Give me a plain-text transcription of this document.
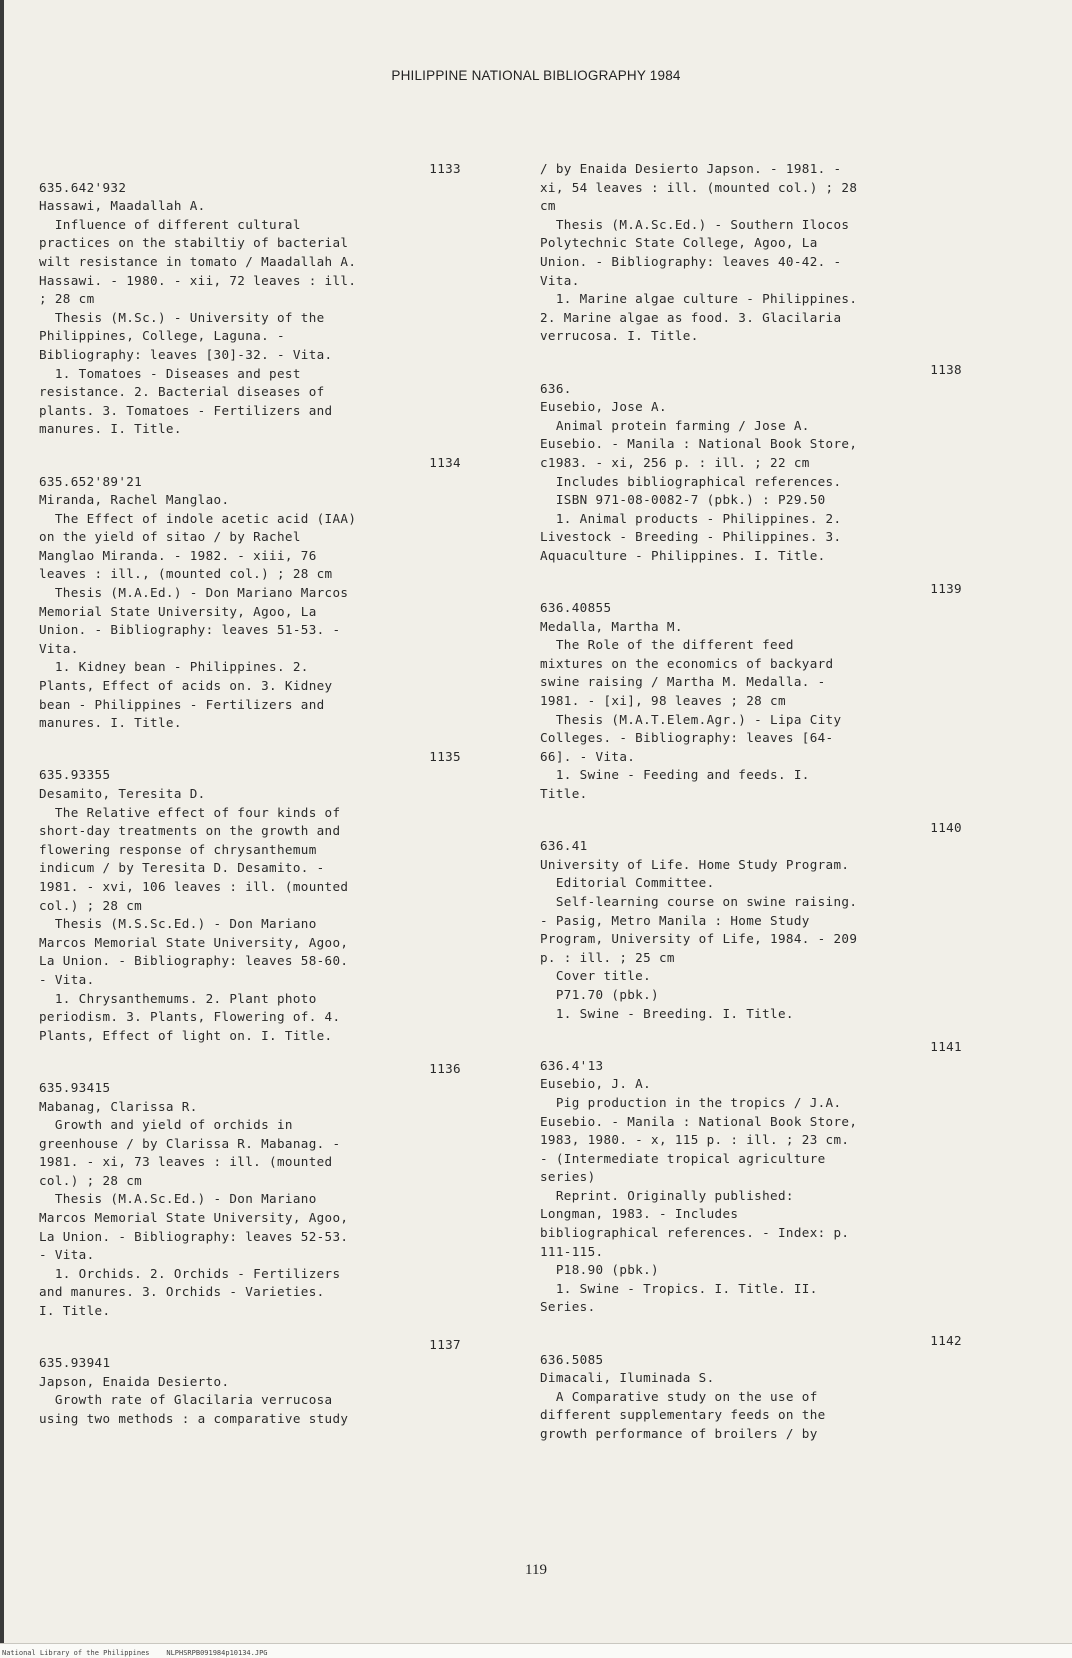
PHILIPPINE NATIONAL BIBLIOGRAPHY 1984
1133
635.642'932
Hassawi, Maadallah A.
Influence of different cultural
practices on the stabiltiy of bacterial
wilt resistance in tomato / Maadallah A.
Hassawi. - 1980. - xii, 72 leaves : ill.
; 28 cm
Thesis (M.Sc.) - University of the
Philippines, College, Laguna. -
Bibliography: leaves [30]-32. - Vita.
1. Tomatoes - Diseases and pest
resistance. 2. Bacterial diseases of
plants. 3. Tomatoes - Fertilizers and
manures. I. Title.
1134
635.652'89'21
Miranda, Rachel Manglao.
The Effect of indole acetic acid (IAA)
on the yield of sitao / by Rachel
Manglao Miranda. - 1982. - xiii, 76
leaves : ill., (mounted col.) ; 28 cm
Thesis (M.A.Ed.) - Don Mariano Marcos
Memorial State University, Agoo, La
Union. - Bibliography: leaves 51-53. -
Vita.
1. Kidney bean - Philippines. 2.
Plants, Effect of acids on. 3. Kidney
bean - Philippines - Fertilizers and
manures. I. Title.
1135
635.93355
Desamito, Teresita D.
The Relative effect of four kinds of
short-day treatments on the growth and
flowering response of chrysanthemum
indicum / by Teresita D. Desamito. -
1981. - xvi, 106 leaves : ill. (mounted
col.) ; 28 cm
Thesis (M.S.Sc.Ed.) - Don Mariano
Marcos Memorial State University, Agoo,
La Union. - Bibliography: leaves 58-60.
- Vita.
1. Chrysanthemums. 2. Plant photo
periodism. 3. Plants, Flowering of. 4.
Plants, Effect of light on. I. Title.
1136
635.93415
Mabanag, Clarissa R.
Growth and yield of orchids in
greenhouse / by Clarissa R. Mabanag. -
1981. - xi, 73 leaves : ill. (mounted
col.) ; 28 cm
Thesis (M.A.Sc.Ed.) - Don Mariano
Marcos Memorial State University, Agoo,
La Union. - Bibliography: leaves 52-53.
- Vita.
1. Orchids. 2. Orchids - Fertilizers
and manures. 3. Orchids - Varieties.
I. Title.
1137
635.93941
Japson, Enaida Desierto.
Growth rate of Glacilaria verrucosa
using two methods : a comparative study
/ by Enaida Desierto Japson. - 1981. -
xi, 54 leaves : ill. (mounted col.) ; 28
cm
Thesis (M.A.Sc.Ed.) - Southern Ilocos
Polytechnic State College, Agoo, La
Union. - Bibliography: leaves 40-42. -
Vita.
1. Marine algae culture - Philippines.
2. Marine algae as food. 3. Glacilaria
verrucosa. I. Title.
1138
636.
Eusebio, Jose A.
Animal protein farming / Jose A.
Eusebio. - Manila : National Book Store,
c1983. - xi, 256 p. : ill. ; 22 cm
Includes bibliographical references.
ISBN 971-08-0082-7 (pbk.) : P29.50
1. Animal products - Philippines. 2.
Livestock - Breeding - Philippines. 3.
Aquaculture - Philippines. I. Title.
1139
636.40855
Medalla, Martha M.
The Role of the different feed
mixtures on the economics of backyard
swine raising / Martha M. Medalla. -
1981. - [xi], 98 leaves ; 28 cm
Thesis (M.A.T.Elem.Agr.) - Lipa City
Colleges. - Bibliography: leaves [64-
66]. - Vita.
1. Swine - Feeding and feeds. I.
Title.
1140
636.41
University of Life. Home Study Program.
Editorial Committee.
Self-learning course on swine raising.
- Pasig, Metro Manila : Home Study
Program, University of Life, 1984. - 209
p. : ill. ; 25 cm
Cover title.
P71.70 (pbk.)
1. Swine - Breeding. I. Title.
1141
636.4'13
Eusebio, J. A.
Pig production in the tropics / J.A.
Eusebio. - Manila : National Book Store,
1983, 1980. - x, 115 p. : ill. ; 23 cm.
- (Intermediate tropical agriculture
series)
Reprint. Originally published:
Longman, 1983. - Includes
bibliographical references. - Index: p.
111-115.
P18.90 (pbk.)
1. Swine - Tropics. I. Title. II.
Series.
1142
636.5085
Dimacali, Iluminada S.
A Comparative study on the use of
different supplementary feeds on the
growth performance of broilers / by
119
National Library of the Philippines    NLPHSRPB091984p10134.JPG
